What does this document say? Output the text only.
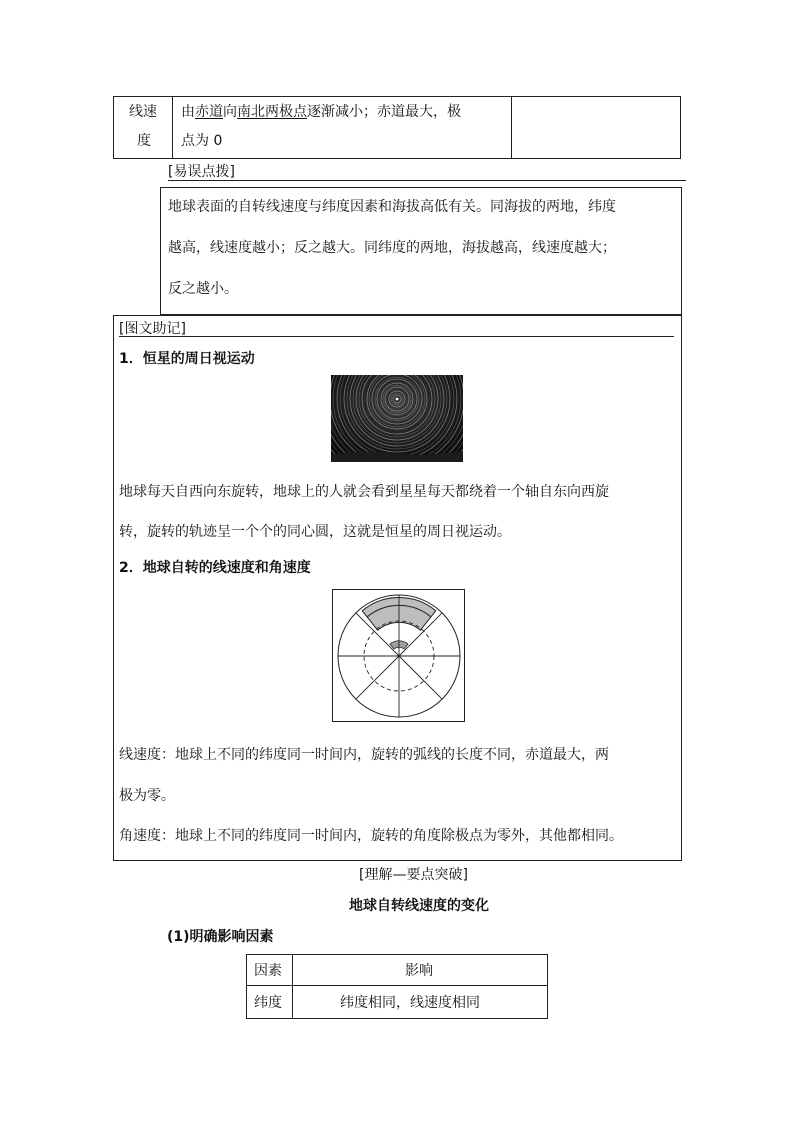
线速
度
由赤道向南北两极点逐渐减小；赤道最大，极
点为 0
[易误点拨]
地球表面的自转线速度与纬度因素和海拔高低有关。同海拔的两地，纬度
越高，线速度越小；反之越大。同纬度的两地，海拔越高，线速度越大；
反之越小。
[图文助记]
1．恒星的周日视运动
地球每天自西向东旋转，地球上的人就会看到星星每天都绕着一个轴自东向西旋
转，旋转的轨迹呈一个个的同心圆，这就是恒星的周日视运动。
2．地球自转的线速度和角速度
线速度：地球上不同的纬度同一时间内，旋转的弧线的长度不同，赤道最大，两
极为零。
角速度：地球上不同的纬度同一时间内，旋转的角度除极点为零外，其他都相同。
[理解—要点突破]
地球自转线速度的变化
(1)明确影响因素
因素	影响
纬度	纬度相同，线速度相同
